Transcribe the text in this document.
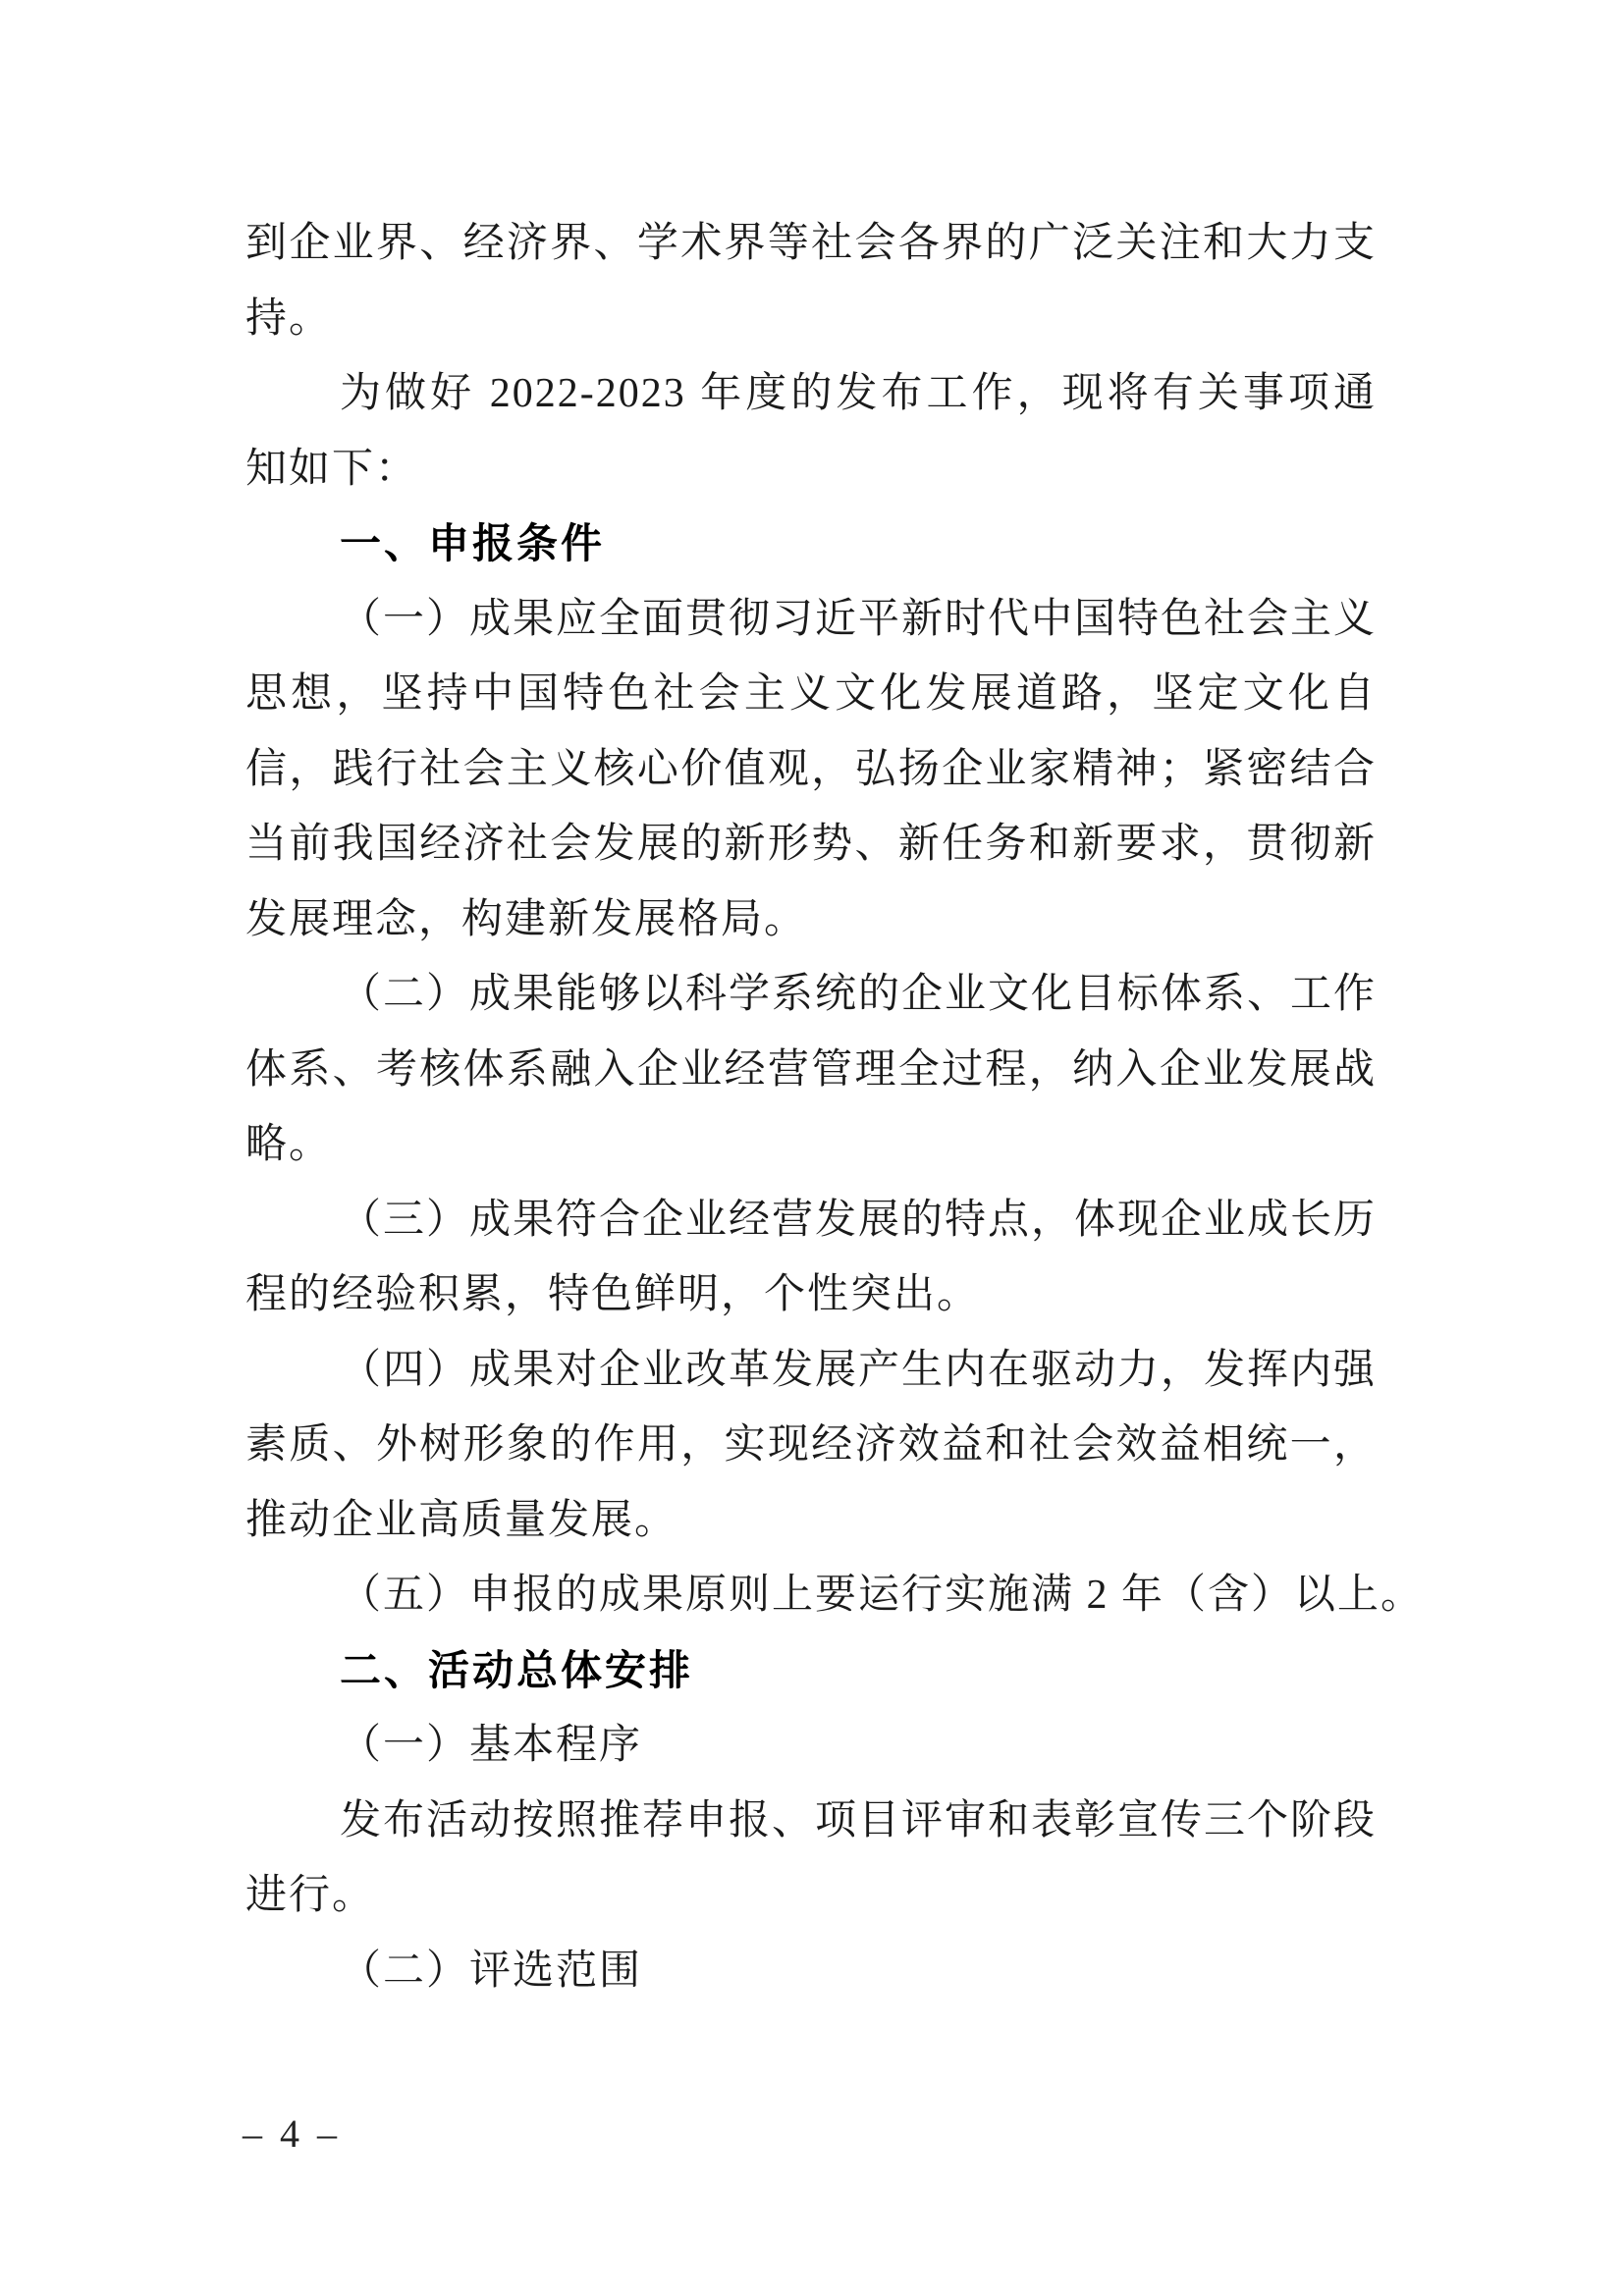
到企业界、经济界、学术界等社会各界的广泛关注和大力支持。

为做好 2022-2023 年度的发布工作，现将有关事项通知如下：

一、申报条件

（一）成果应全面贯彻习近平新时代中国特色社会主义思想，坚持中国特色社会主义文化发展道路，坚定文化自信，践行社会主义核心价值观，弘扬企业家精神；紧密结合当前我国经济社会发展的新形势、新任务和新要求，贯彻新发展理念，构建新发展格局。

（二）成果能够以科学系统的企业文化目标体系、工作体系、考核体系融入企业经营管理全过程，纳入企业发展战略。

（三）成果符合企业经营发展的特点，体现企业成长历程的经验积累，特色鲜明，个性突出。

（四）成果对企业改革发展产生内在驱动力，发挥内强素质、外树形象的作用，实现经济效益和社会效益相统一，推动企业高质量发展。

（五）申报的成果原则上要运行实施满 2 年（含）以上。

二、活动总体安排

（一）基本程序

发布活动按照推荐申报、项目评审和表彰宣传三个阶段进行。

（二）评选范围

– 4 –
